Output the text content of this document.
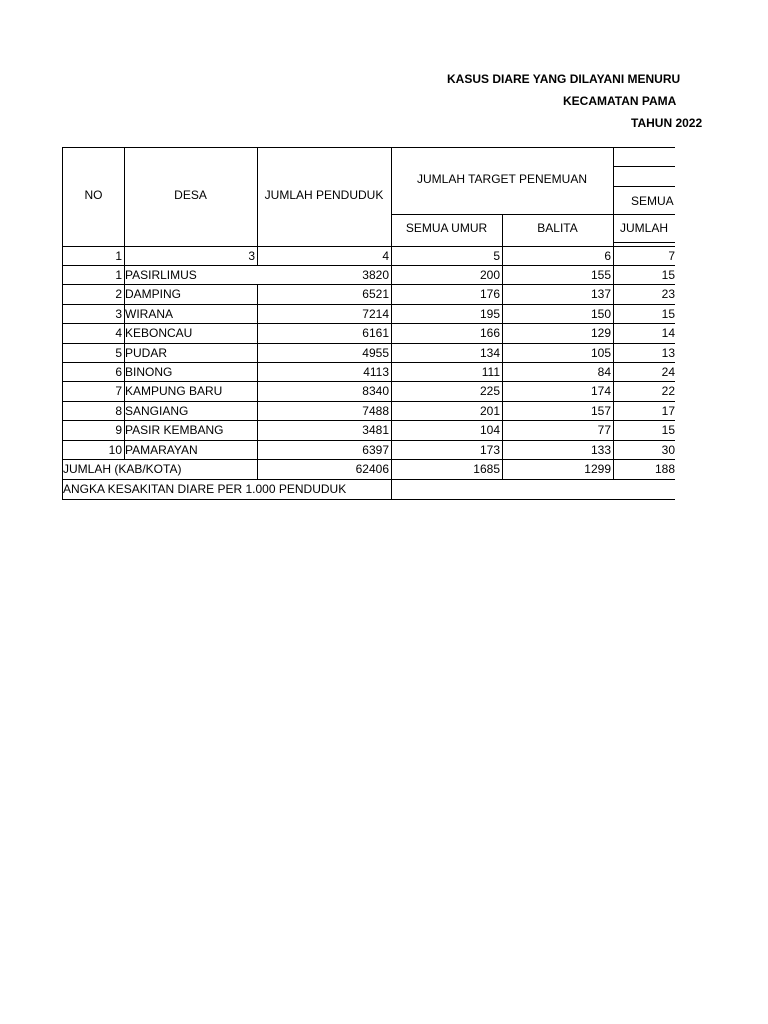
KASUS DIARE YANG DILAYANI MENURU
KECAMATAN PAMA
TAHUN 2022
NO	DESA	JUMLAH PENDUDUK
JUMLAH TARGET PENEMUAN
SEMUA UMUR	BALITA
SEMUA
JUMLAH
1	3	4	5	6	7
1 PASIRLIMUS	3820	200	155	15
2 DAMPING	6521	176	137	23
3 WIRANA	7214	195	150	15
4 KEBONCAU	6161	166	129	14
5 PUDAR	4955	134	105	13
6 BINONG	4113	111	84	24
7 KAMPUNG BARU	8340	225	174	22
8 SANGIANG	7488	201	157	17
9 PASIR KEMBANG	3481	104	77	15
10 PAMARAYAN	6397	173	133	30
JUMLAH (KAB/KOTA)	62406	1685	1299	188
ANGKA KESAKITAN DIARE PER 1.000 PENDUDUK
